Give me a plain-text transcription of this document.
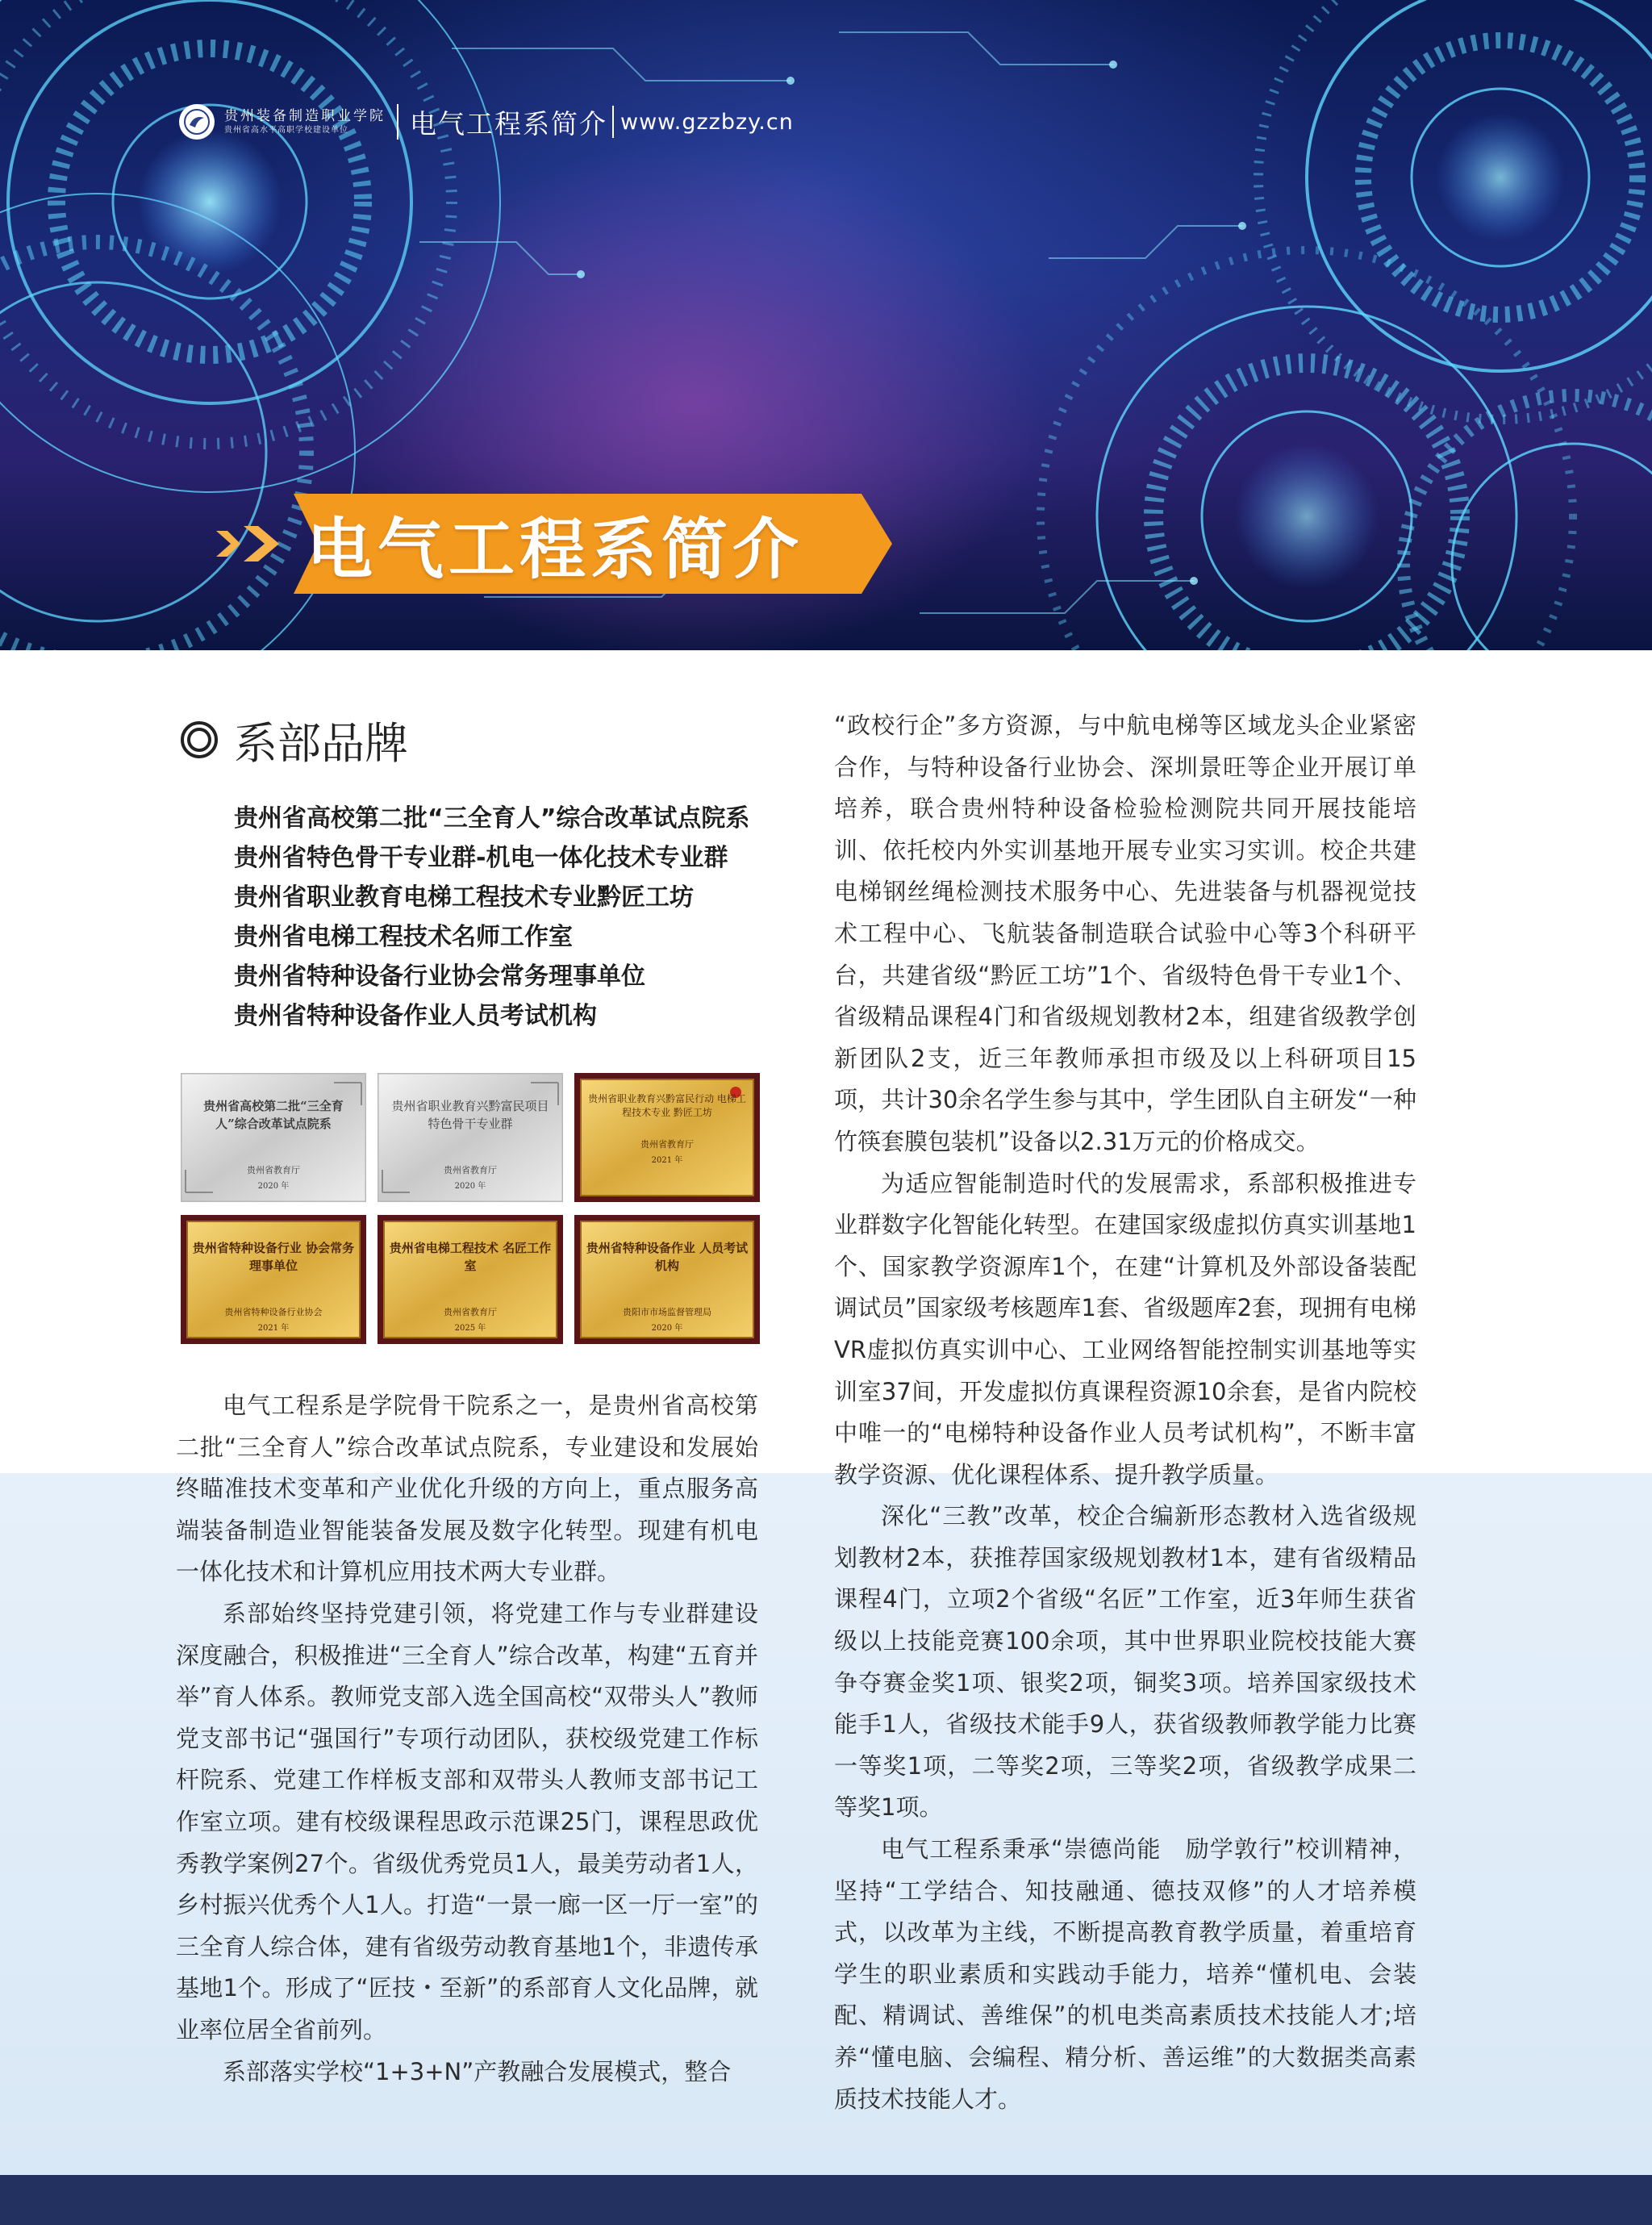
贵州装备制造职业学院
贵州省高水平高职学校建设单位	电气工程系简介 www.gzzbzy.cn
电气工程系简介
系部品牌
贵州省高校第二批“三全育人”综合改革试点院系
贵州省特色骨干专业群-机电一体化技术专业群
贵州省职业教育电梯工程技术专业黔匠工坊
贵州省电梯工程技术名师工作室
贵州省特种设备行业协会常务理事单位
贵州省特种设备作业人员考试机构
贵州省高校第二批“三全育人”综合改革试点院系
贵州省教育厅
2020 年
贵州省职业教育兴黔富民项目 特色骨干专业群
贵州省教育厅
2020 年
贵州省职业教育兴黔富民行动 电梯工程技术专业 黔匠工坊
贵州省教育厅
2021 年
贵州省特种设备行业 协会常务理事单位
贵州省特种设备行业协会
2021 年
贵州省电梯工程技术 名匠工作室
贵州省教育厅
2025 年
贵州省特种设备作业 人员考试机构
贵阳市市场监督管理局
2020 年

电气工程系是学院骨干院系之一，是贵州省高校第二批“三全育人”综合改革试点院系，专业建设和发展始终瞄准技术变革和产业优化升级的方向上，重点服务高端装备制造业智能装备发展及数字化转型。现建有机电一体化技术和计算机应用技术两大专业群。

系部始终坚持党建引领，将党建工作与专业群建设深度融合，积极推进“三全育人”综合改革，构建“五育并举”育人体系。教师党支部入选全国高校“双带头人”教师党支部书记“强国行”专项行动团队，获校级党建工作标杆院系、党建工作样板支部和双带头人教师支部书记工作室立项。建有校级课程思政示范课25门，课程思政优秀教学案例27个。省级优秀党员1人，最美劳动者1人，乡村振兴优秀个人1人。打造“一景一廊一区一厅一室”的三全育人综合体，建有省级劳动教育基地1个，非遗传承基地1个。形成了“匠技・至新”的系部育人文化品牌，就业率位居全省前列。

系部落实学校“1+3+N”产教融合发展模式，整合

“政校行企”多方资源，与中航电梯等区域龙头企业紧密合作，与特种设备行业协会、深圳景旺等企业开展订单培养，联合贵州特种设备检验检测院共同开展技能培训、依托校内外实训基地开展专业实习实训。校企共建电梯钢丝绳检测技术服务中心、先进装备与机器视觉技术工程中心、飞航装备制造联合试验中心等3个科研平台，共建省级“黔匠工坊”1个、省级特色骨干专业1个、省级精品课程4门和省级规划教材2本，组建省级教学创新团队2支，近三年教师承担市级及以上科研项目15项，共计30余名学生参与其中，学生团队自主研发“一种竹筷套膜包装机”设备以2.31万元的价格成交。

为适应智能制造时代的发展需求，系部积极推进专业群数字化智能化转型。在建国家级虚拟仿真实训基地1个、国家教学资源库1个，在建“计算机及外部设备装配调试员”国家级考核题库1套、省级题库2套，现拥有电梯VR虚拟仿真实训中心、工业网络智能控制实训基地等实训室37间，开发虚拟仿真课程资源10余套，是省内院校中唯一的“电梯特种设备作业人员考试机构”，不断丰富教学资源、优化课程体系、提升教学质量。

深化“三教”改革，校企合编新形态教材入选省级规划教材2本，获推荐国家级规划教材1本，建有省级精品课程4门，立项2个省级“名匠”工作室，近3年师生获省级以上技能竞赛100余项，其中世界职业院校技能大赛争夺赛金奖1项、银奖2项，铜奖3项。培养国家级技术能手1人，省级技术能手9人，获省级教师教学能力比赛一等奖1项，二等奖2项，三等奖2项，省级教学成果二等奖1项。

电气工程系秉承“崇德尚能　励学敦行”校训精神，坚持“工学结合、知技融通、德技双修”的人才培养模式，以改革为主线，不断提高教育教学质量，着重培育学生的职业素质和实践动手能力，培养“懂机电、会装配、精调试、善维保”的机电类高素质技术技能人才;培养“懂电脑、会编程、精分析、善运维”的大数据类高素质技术技能人才。
